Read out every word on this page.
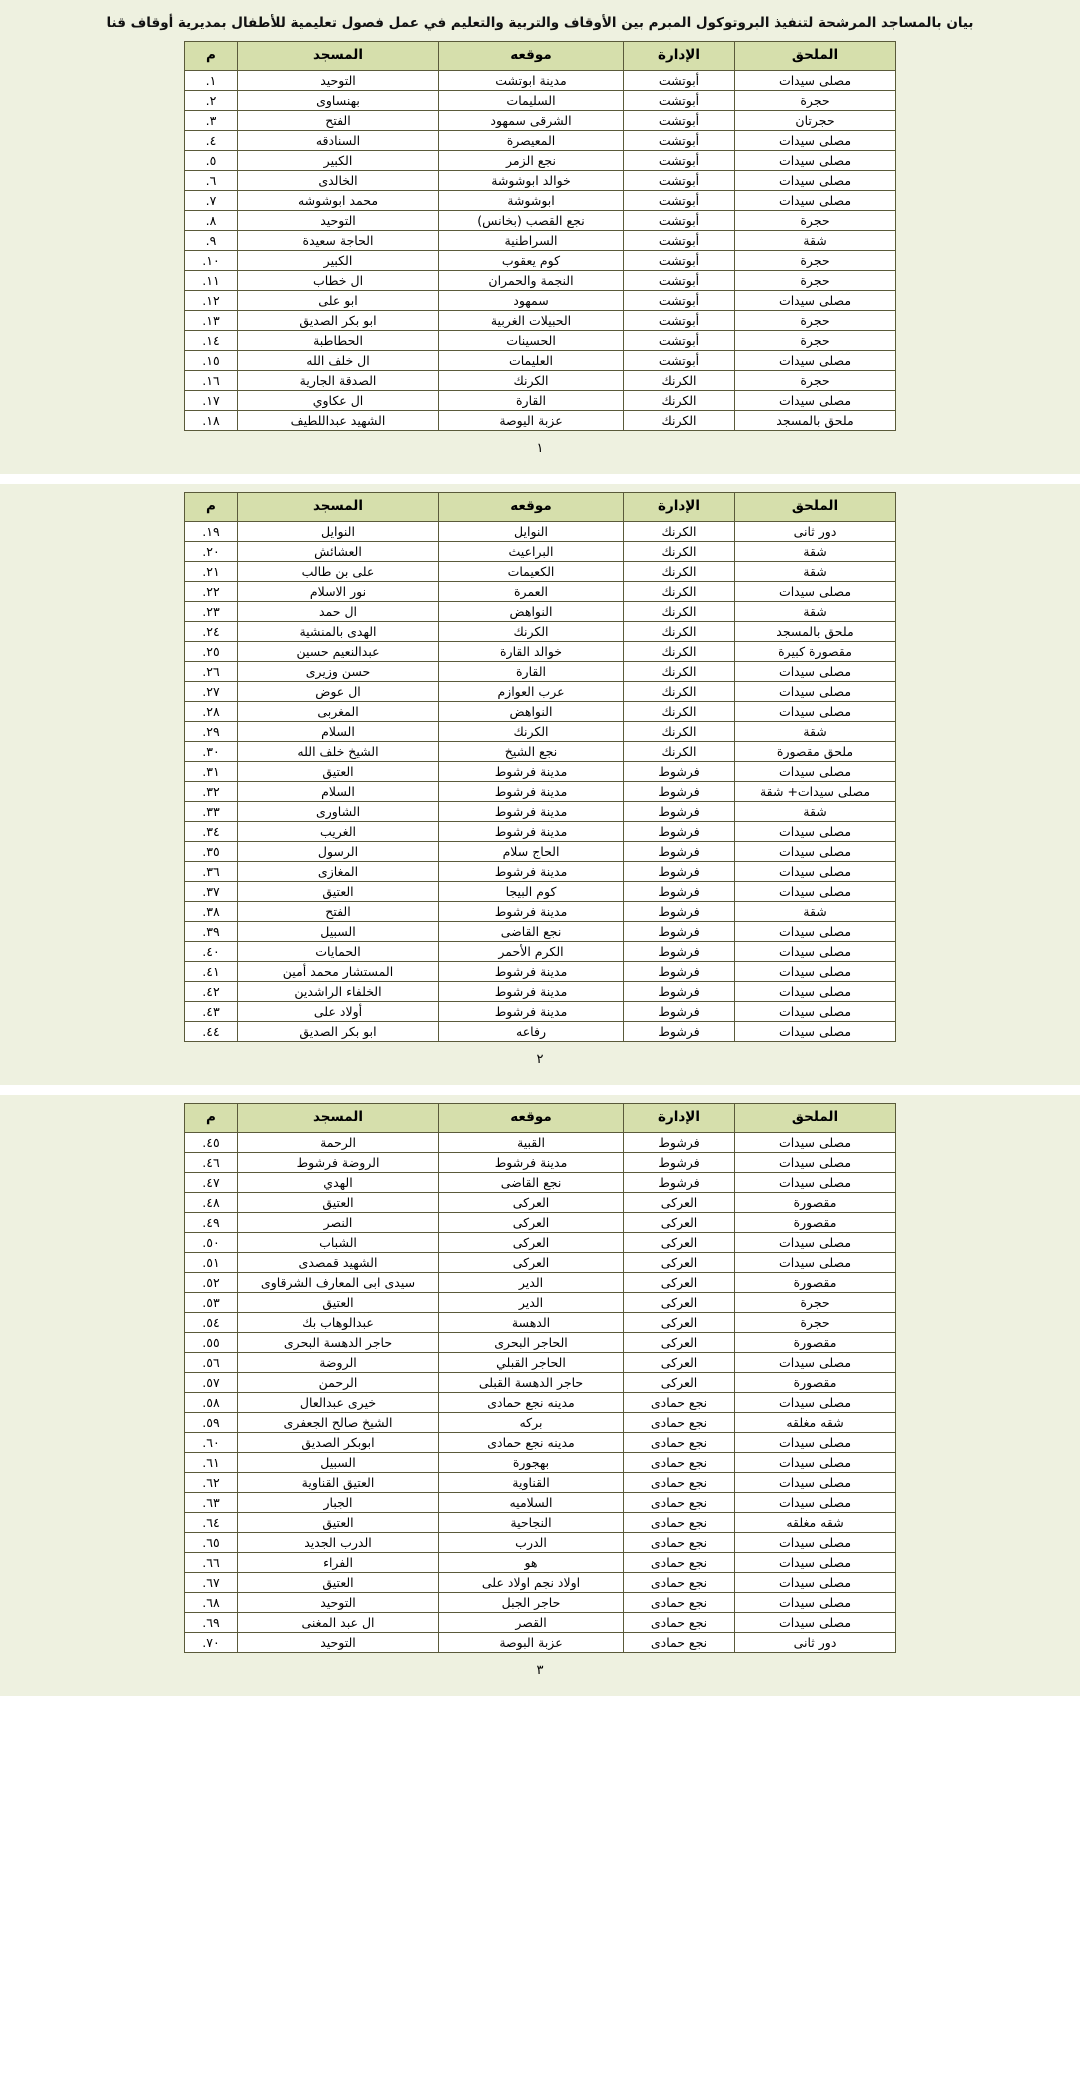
بيان بالمساجد المرشحة لتنفيذ البروتوكول المبرم بين الأوقاف والتربية والتعليم في عمل فصول تعليمية للأطفال بمديرية أوقاف قنا
الملحق	الإدارة	موقعه	المسجد	م
مصلى سيدات	أبوتشت	مدينة ابوتشت	التوحيد	١.
حجرة	أبوتشت	السليمات	بهنساوى	٢.
حجرتان	أبوتشت	الشرقى سمهود	الفتح	٣.
مصلى سيدات	أبوتشت	المعيصرة	السنادقه	٤.
مصلى سيدات	أبوتشت	نجع الزمر	الكبير	٥.
مصلى سيدات	أبوتشت	خوالد ابوشوشة	الخالدى	٦.
مصلى سيدات	أبوتشت	ابوشوشة	محمد ابوشوشه	٧.
حجرة	أبوتشت	نجع القصب (بخانس)	التوحيد	٨.
شقة	أبوتشت	السراطنية	الحاجة سعيدة	٩.
حجرة	أبوتشت	كوم يعقوب	الكبير	١٠.
حجرة	أبوتشت	النجمة والحمران	ال خطاب	١١.
مصلى سيدات	أبوتشت	سمهود	ابو على	١٢.
حجرة	أبوتشت	الحبيلات الغربية	ابو بكر الصديق	١٣.
حجرة	أبوتشت	الحسينات	الحطاطبة	١٤.
مصلى سيدات	أبوتشت	العليمات	ال خلف الله	١٥.
حجرة	الكرنك	الكرنك	الصدقة الجارية	١٦.
مصلى سيدات	الكرنك	القارة	ال عكاوي	١٧.
ملحق بالمسجد	الكرنك	عزبة اليوصة	الشهيد عبداللطيف	١٨.
١
الملحق	الإدارة	موقعه	المسجد	م
دور ثانى	الكرنك	النوايل	النوايل	١٩.
شقة	الكرنك	البراعيث	العشائش	٢٠.
شقة	الكرنك	الكعيمات	على بن طالب	٢١.
مصلى سيدات	الكرنك	العمرة	نور الاسلام	٢٢.
شقة	الكرنك	النواهض	ال حمد	٢٣.
ملحق بالمسجد	الكرنك	الكرنك	الهدى بالمنشية	٢٤.
مقصورة كبيرة	الكرنك	خوالد القارة	عبدالنعيم حسين	٢٥.
مصلى سيدات	الكرنك	القارة	حسن وزيرى	٢٦.
مصلى سيدات	الكرنك	عرب العوازم	ال عوض	٢٧.
مصلى سيدات	الكرنك	النواهض	المغربى	٢٨.
شقة	الكرنك	الكرنك	السلام	٢٩.
ملحق مقصورة	الكرنك	نجع الشيخ	الشيخ خلف الله	٣٠.
مصلى سيدات	فرشوط	مدينة فرشوط	العتيق	٣١.
مصلى سيدات+ شقة	فرشوط	مدينة فرشوط	السلام	٣٢.
شقة	فرشوط	مدينة فرشوط	الشاورى	٣٣.
مصلى سيدات	فرشوط	مدينة فرشوط	الغريب	٣٤.
مصلى سيدات	فرشوط	الحاج سلام	الرسول	٣٥.
مصلى سيدات	فرشوط	مدينة فرشوط	المغازى	٣٦.
مصلى سيدات	فرشوط	كوم البيجا	العتيق	٣٧.
شقة	فرشوط	مدينة فرشوط	الفتح	٣٨.
مصلى سيدات	فرشوط	نجع القاضى	السبيل	٣٩.
مصلى سيدات	فرشوط	الكرم الأحمر	الحمايات	٤٠.
مصلى سيدات	فرشوط	مدينة فرشوط	المستشار محمد أمين	٤١.
مصلى سيدات	فرشوط	مدينة فرشوط	الخلفاء الراشدين	٤٢.
مصلى سيدات	فرشوط	مدينة فرشوط	أولاد على	٤٣.
مصلى سيدات	فرشوط	رفاعه	ابو بكر الصديق	٤٤.
٢
الملحق	الإدارة	موقعه	المسجد	م
مصلى سيدات	فرشوط	القبية	الرحمة	٤٥.
مصلى سيدات	فرشوط	مدينة فرشوط	الروضة فرشوط	٤٦.
مصلى سيدات	فرشوط	نجع القاضى	الهدي	٤٧.
مقصورة	العركى	العركى	العتيق	٤٨.
مقصورة	العركى	العركى	النصر	٤٩.
مصلى سيدات	العركى	العركى	الشباب	٥٠.
مصلى سيدات	العركى	العركى	الشهيد قمصدى	٥١.
مقصورة	العركى	الدير	سيدى ابى المعارف الشرقاوى	٥٢.
حجرة	العركى	الدير	العتيق	٥٣.
حجرة	العركى	الدهسة	عبدالوهاب بك	٥٤.
مقصورة	العركى	الحاجر البحرى	حاجر الدهسة البحرى	٥٥.
مصلى سيدات	العركى	الحاجر القبلي	الروضة	٥٦.
مقصورة	العركى	حاجر الدهسة القبلى	الرحمن	٥٧.
مصلى سيدات	نجع حمادى	مدينه نجع حمادى	خيرى عبدالعال	٥٨.
شقه مغلقه	نجع حمادى	بركه	الشيخ صالح الجعفرى	٥٩.
مصلى سيدات	نجع حمادى	مدينه نجع حمادى	ابوبكر الصديق	٦٠.
مصلى سيدات	نجع حمادى	بهجورة	السبيل	٦١.
مصلى سيدات	نجع حمادى	القناوية	العتيق القناوية	٦٢.
مصلى سيدات	نجع حمادى	السلاميه	الجبار	٦٣.
شقه مغلقه	نجع حمادى	النجاحية	العتيق	٦٤.
مصلى سيدات	نجع حمادى	الدرب	الدرب الجديد	٦٥.
مصلى سيدات	نجع حمادى	هو	الفراء	٦٦.
مصلى سيدات	نجع حمادى	اولاد نجم اولاد على	العتيق	٦٧.
مصلى سيدات	نجع حمادى	حاجر الجبل	التوحيد	٦٨.
مصلى سيدات	نجع حمادى	القصر	ال عبد المغنى	٦٩.
دور ثانى	نجع حمادى	عزبة البوصة	التوحيد	٧٠.
٣
